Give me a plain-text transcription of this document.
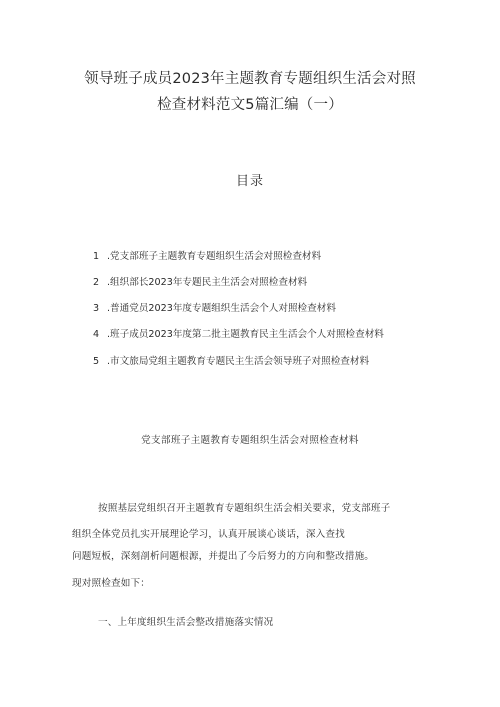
领导班子成员2023年主题教育专题组织生活会对照
检查材料范文5篇汇编（一）
目录
1 .党支部班子主题教育专题组织生活会对照检查材料
2 .组织部长2023年专题民主生活会对照检查材料
3 .普通党员2023年度专题组织生活会个人对照检查材料
4 .班子成员2023年度第二批主题教育民主生活会个人对照检查材料
5 .市文旅局党组主题教育专题民主生活会领导班子对照检查材料
党支部班子主题教育专题组织生活会对照检查材料
按照基层党组织召开主题教育专题组织生活会相关要求，党支部班子
组织全体党员扎实开展理论学习，认真开展谈心谈话，深入查找
问题短板，深刻剖析问题根源，并提出了今后努力的方向和整改措施。
现对照检查如下：
一、上年度组织生活会整改措施落实情况
